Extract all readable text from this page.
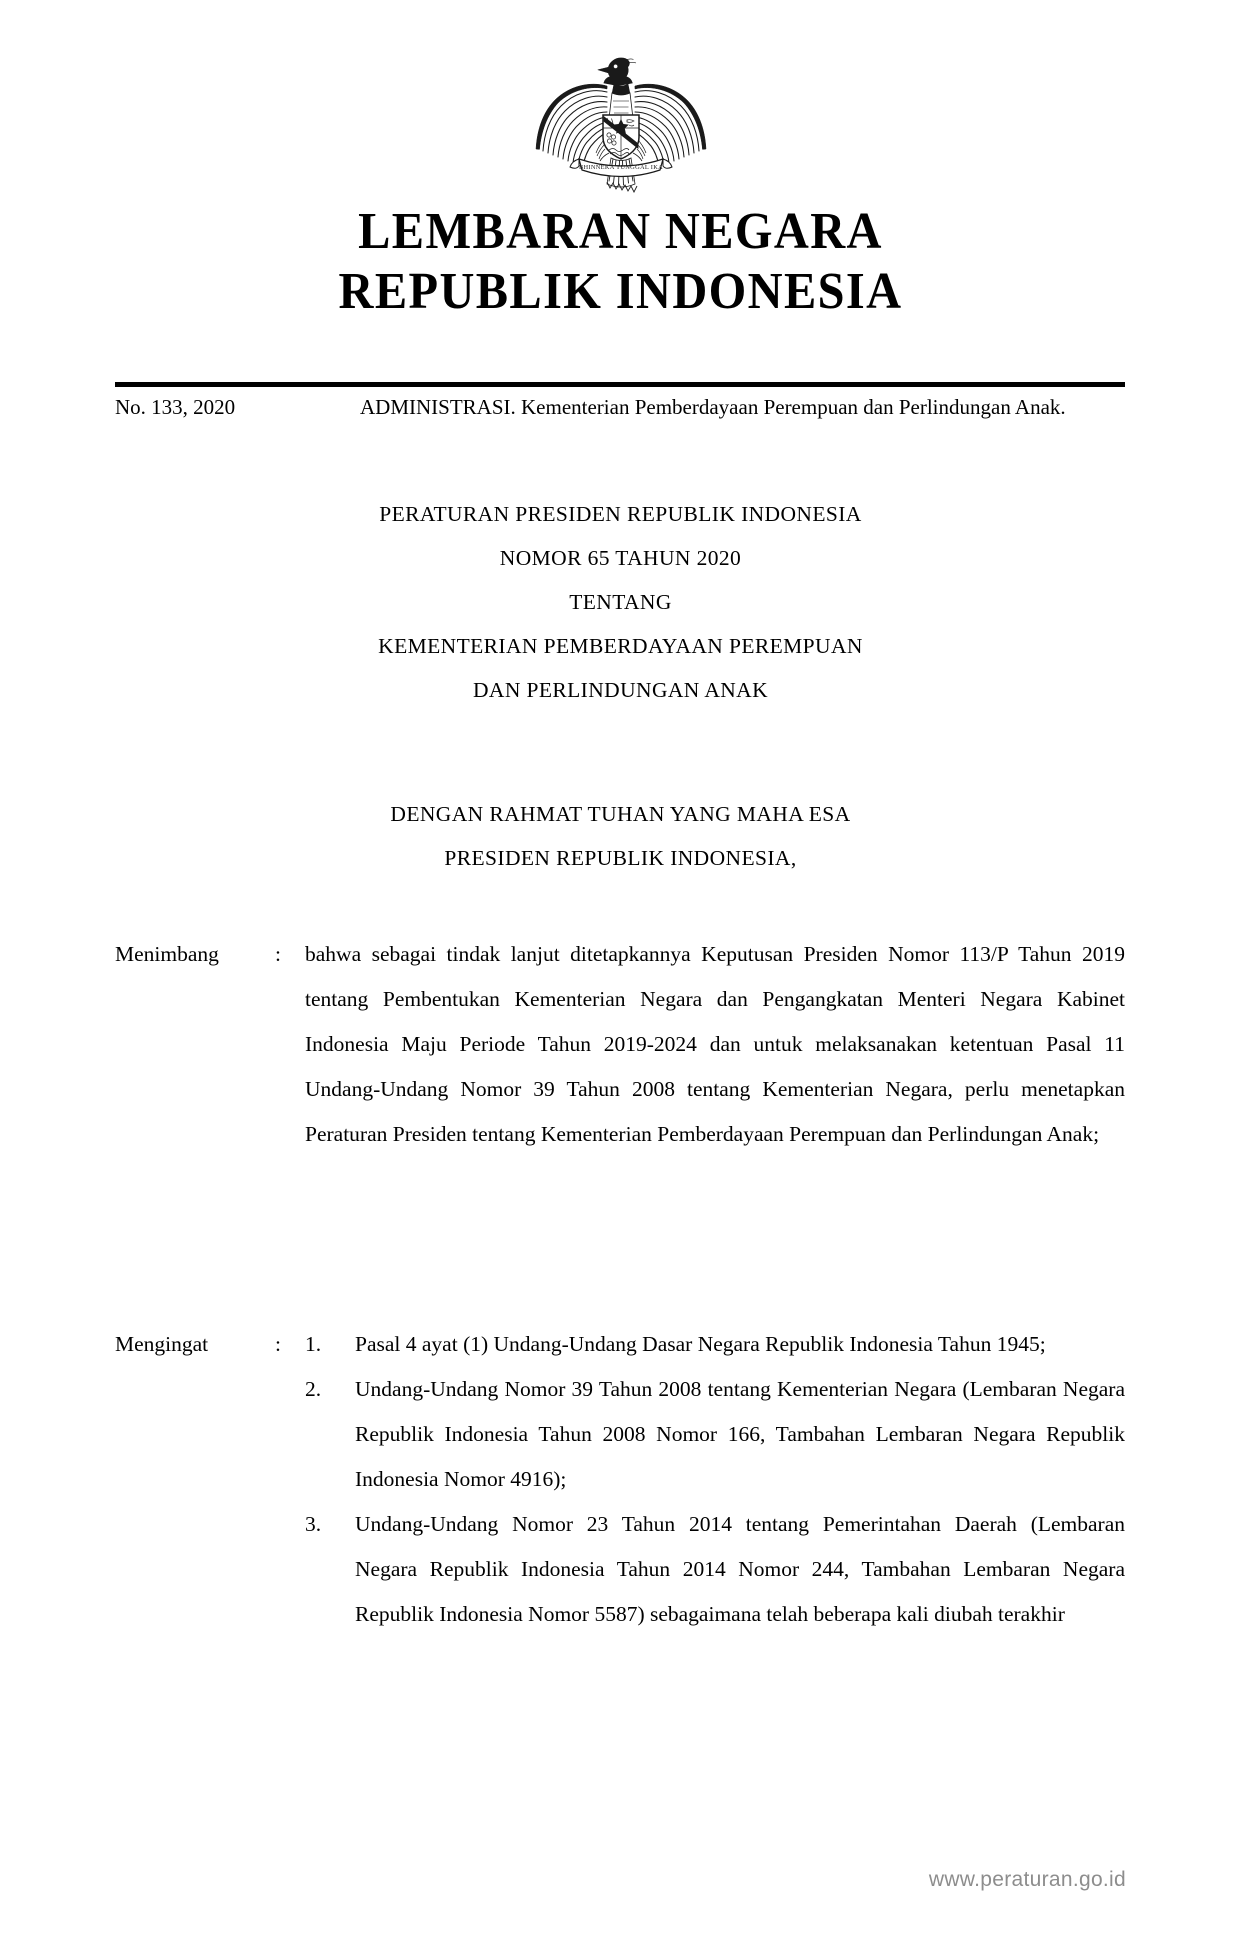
BHINNEKA TUNGGAL IKA
LEMBARAN NEGARA
REPUBLIK INDONESIA
No. 133, 2020	ADMINISTRASI. Kementerian Pemberdayaan Perempuan dan Perlindungan Anak.
PERATURAN PRESIDEN REPUBLIK INDONESIA
NOMOR 65 TAHUN 2020
TENTANG
KEMENTERIAN PEMBERDAYAAN PEREMPUAN
DAN PERLINDUNGAN ANAK
DENGAN RAHMAT TUHAN YANG MAHA ESA
PRESIDEN REPUBLIK INDONESIA,
Menimbang	:	bahwa sebagai tindak lanjut ditetapkannya Keputusan Presiden Nomor 113/P Tahun 2019 tentang Pembentukan Kementerian Negara dan Pengangkatan Menteri Negara Kabinet Indonesia Maju Periode Tahun 2019-2024 dan untuk melaksanakan ketentuan Pasal 11 Undang-Undang Nomor 39 Tahun 2008 tentang Kementerian Negara, perlu menetapkan Peraturan Presiden tentang Kementerian Pemberdayaan Perempuan dan Perlindungan Anak;
Mengingat	:	1.	Pasal 4 ayat (1) Undang-Undang Dasar Negara Republik Indonesia Tahun 1945;
2.	Undang-Undang Nomor 39 Tahun 2008 tentang Kementerian Negara (Lembaran Negara Republik Indonesia Tahun 2008 Nomor 166, Tambahan Lembaran Negara Republik Indonesia Nomor 4916);
3.	Undang-Undang Nomor 23 Tahun 2014 tentang Pemerintahan Daerah (Lembaran Negara Republik Indonesia Tahun 2014 Nomor 244, Tambahan Lembaran Negara Republik Indonesia Nomor 5587) sebagaimana telah beberapa kali diubah terakhir
www.peraturan.go.id
